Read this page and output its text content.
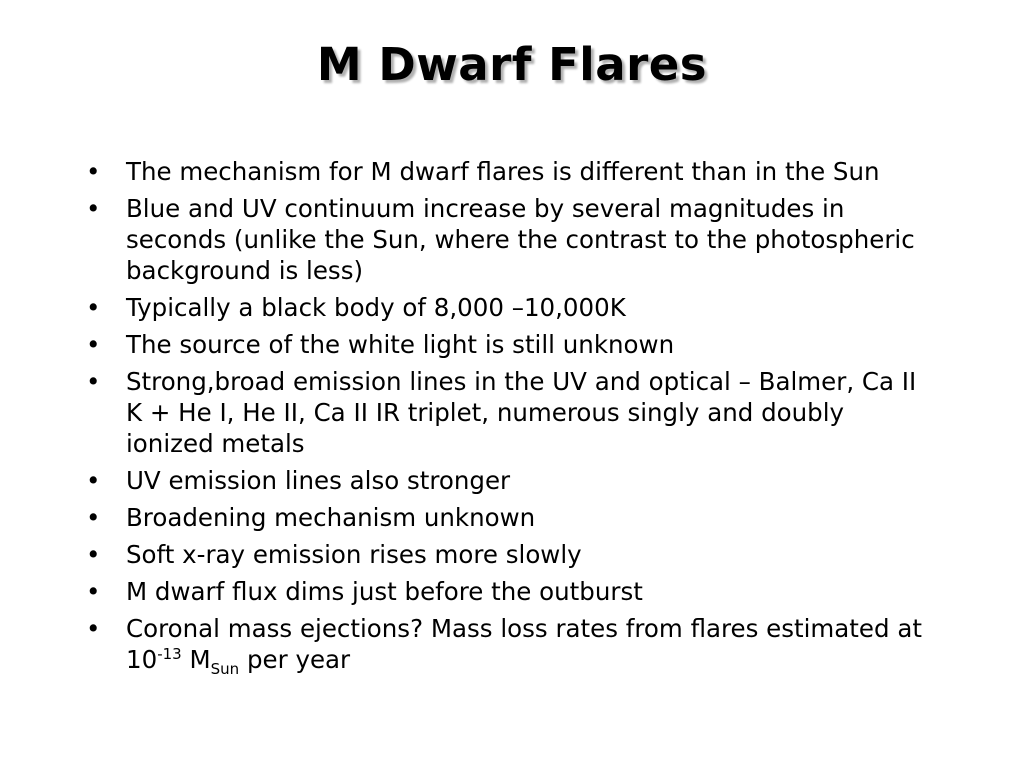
M Dwarf Flares
• The mechanism for M dwarf flares is different than in the Sun
• Blue and UV continuum increase by several magnitudes in seconds (unlike the Sun, where the contrast to the photospheric background is less)
• Typically a black body of 8,000 –10,000K
• The source of the white light is still unknown
• Strong,broad emission lines in the UV and optical – Balmer, Ca II K + He I, He II, Ca II IR triplet, numerous singly and doubly ionized metals
• UV emission lines also stronger
• Broadening mechanism unknown
• Soft x-ray emission rises more slowly
• M dwarf flux dims just before the outburst
• Coronal mass ejections? Mass loss rates from flares estimated at $10^{-13}$ $M_{Sun}$ per year
